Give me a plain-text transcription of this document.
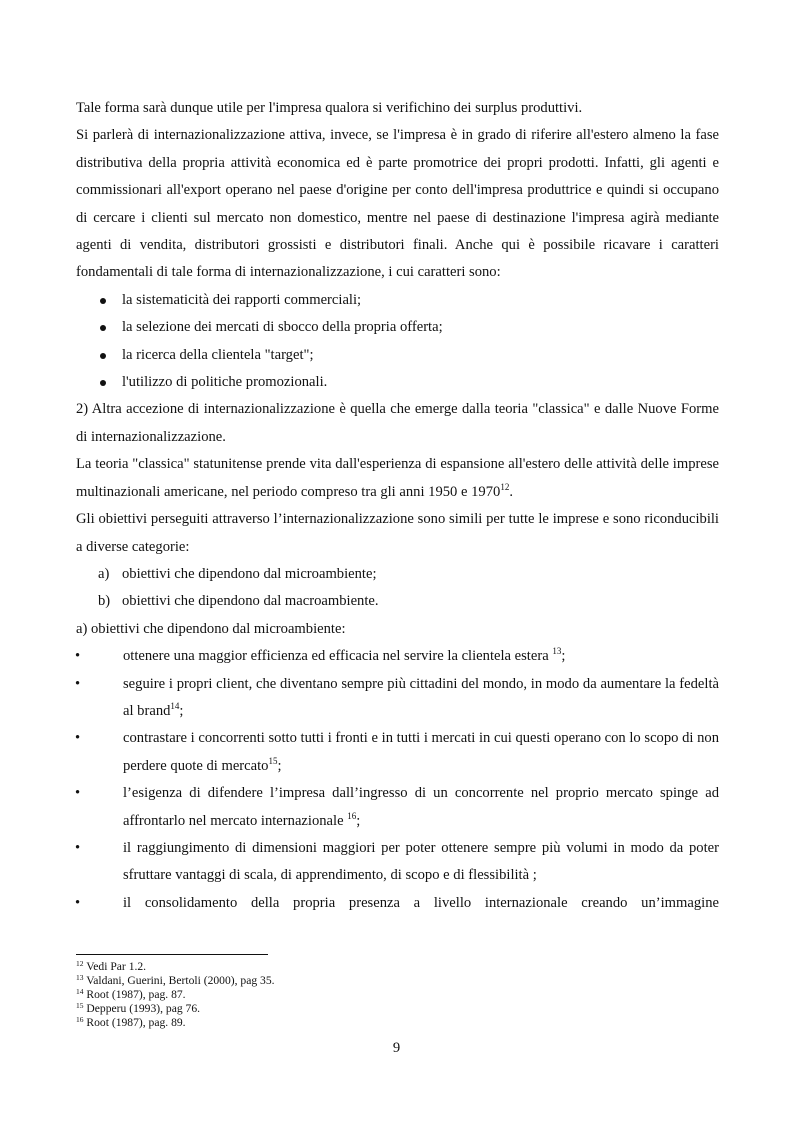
Tale forma sarà dunque utile per l'impresa qualora si verifichino dei surplus produttivi.

Si parlerà di internazionalizzazione attiva, invece, se l'impresa è in grado di riferire all'estero almeno la fase distributiva della propria attività economica ed è parte promotrice dei propri prodotti. Infatti, gli agenti e commissionari all'export operano nel paese d'origine per conto dell'impresa produttrice e quindi si occupano di cercare i clienti sul mercato non domestico, mentre nel paese di destinazione l'impresa agirà mediante agenti di vendita, distributori grossisti e distributori finali. Anche qui è possibile ricavare i caratteri fondamentali di tale forma di internazionalizzazione, i cui caratteri sono:

la sistematicità dei rapporti commerciali;
la selezione dei mercati di sbocco della propria offerta;
la ricerca della clientela "target";
l'utilizzo di politiche promozionali.

2) Altra accezione di internazionalizzazione è quella che emerge dalla teoria "classica" e dalle Nuove Forme di internazionalizzazione.

La teoria "classica" statunitense prende vita dall'esperienza di espansione all'estero delle attività delle imprese multinazionali americane, nel periodo compreso tra gli anni 1950 e 1970$^{12}$.

Gli obiettivi perseguiti attraverso l’internazionalizzazione sono simili per tutte le imprese e sono riconducibili a diverse categorie:

a) obiettivi che dipendono dal microambiente;
b) obiettivi che dipendono dal macroambiente.

a) obiettivi che dipendono dal microambiente:

•	ottenere una maggior efficienza ed efficacia nel servire la clientela estera $^{13}$;
•	seguire i propri client, che diventano sempre più cittadini del mondo, in modo da aumentare la fedeltà al brand$^{14}$;
•	contrastare i concorrenti sotto tutti i fronti e in tutti i mercati in cui questi operano con lo scopo di non perdere quote di mercato$^{15}$;
•	l’esigenza di difendere l’impresa dall’ingresso di un concorrente nel proprio mercato spinge ad affrontarlo nel mercato internazionale $^{16}$;
•	il raggiungimento di dimensioni maggiori per poter ottenere sempre più volumi in modo da poter sfruttare vantaggi di scala, di apprendimento, di scopo e di flessibilità ;
•	il consolidamento della propria presenza a livello internazionale creando un’immagine
$^{12}$ Vedi Par 1.2.
$^{13}$ Valdani, Guerini, Bertoli (2000), pag 35.
$^{14}$ Root (1987), pag. 87.
$^{15}$ Depperu (1993), pag 76.
$^{16}$ Root (1987), pag. 89.
9
